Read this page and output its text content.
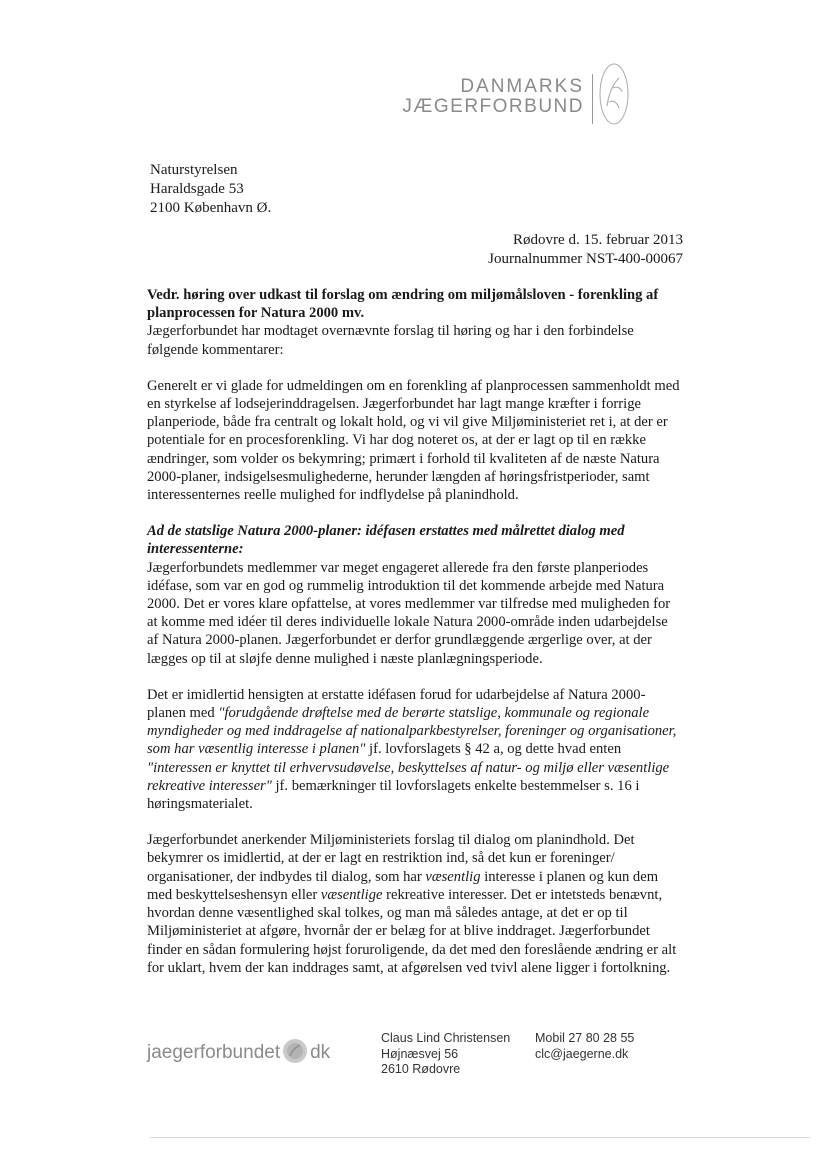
DANMARKS
JÆGERFORBUND
Naturstyrelsen
Haraldsgade 53
2100 København Ø.
Rødovre d. 15. februar 2013
Journalnummer NST-400-00067

Vedr. høring over udkast til forslag om ændring om miljømålsloven - forenkling af planprocessen for Natura 2000 mv.

Jægerforbundet har modtaget overnævnte forslag til høring og har i den forbindelse følgende kommentarer:

Generelt er vi glade for udmeldingen om en forenkling af planprocessen sammenholdt med en styrkelse af lodsejerinddragelsen. Jægerforbundet har lagt mange kræfter i forrige planperiode, både fra centralt og lokalt hold, og vi vil give Miljøministeriet ret i, at der er potentiale for en procesforenkling. Vi har dog noteret os, at der er lagt op til en række ændringer, som volder os bekymring; primært i forhold til kvaliteten af de næste Natura 2000-planer, indsigelsesmulighederne, herunder længden af høringsfristperioder, samt interessenternes reelle mulighed for indflydelse på planindhold.

Ad de statslige Natura 2000-planer: idéfasen erstattes med målrettet dialog med interessenterne:

Jægerforbundets medlemmer var meget engageret allerede fra den første planperiodes idéfase, som var en god og rummelig introduktion til det kommende arbejde med Natura 2000. Det er vores klare opfattelse, at vores medlemmer var tilfredse med muligheden for at komme med idéer til deres individuelle lokale Natura 2000-område inden udarbejdelse af Natura 2000-planen. Jægerforbundet er derfor grundlæggende ærgerlige over, at der lægges op til at sløjfe denne mulighed i næste planlægningsperiode.

Det er imidlertid hensigten at erstatte idéfasen forud for udarbejdelse af Natura 2000-planen med "forudgående drøftelse med de berørte statslige, kommunale og regionale myndigheder og med inddragelse af nationalparkbestyrelser, foreninger og organisationer, som har væsentlig interesse i planen" jf. lovforslagets § 42 a, og dette hvad enten "interessen er knyttet til erhvervsudøvelse, beskyttelses af natur- og miljø eller væsentlige rekreative interesser" jf. bemærkninger til lovforslagets enkelte bestemmelser s. 16 i høringsmaterialet.

Jægerforbundet anerkender Miljøministeriets forslag til dialog om planindhold. Det bekymrer os imidlertid, at der er lagt en restriktion ind, så det kun er foreninger/ organisationer, der indbydes til dialog, som har væsentlig interesse i planen og kun dem med beskyttelseshensyn eller væsentlige rekreative interesser. Det er intetsteds benævnt, hvordan denne væsentlighed skal tolkes, og man må således antage, at det er op til Miljøministeriet at afgøre, hvornår der er belæg for at blive inddraget. Jægerforbundet finder en sådan formulering højst foruroligende, da det med den foreslående ændring er alt for uklart, hvem der kan inddrages samt, at afgørelsen ved tvivl alene ligger i fortolkning.

jaegerforbundet dk
Claus Lind Christensen
Højnæsvej 56
2610 Rødovre
Mobil 27 80 28 55
clc@jaegerne.dk
